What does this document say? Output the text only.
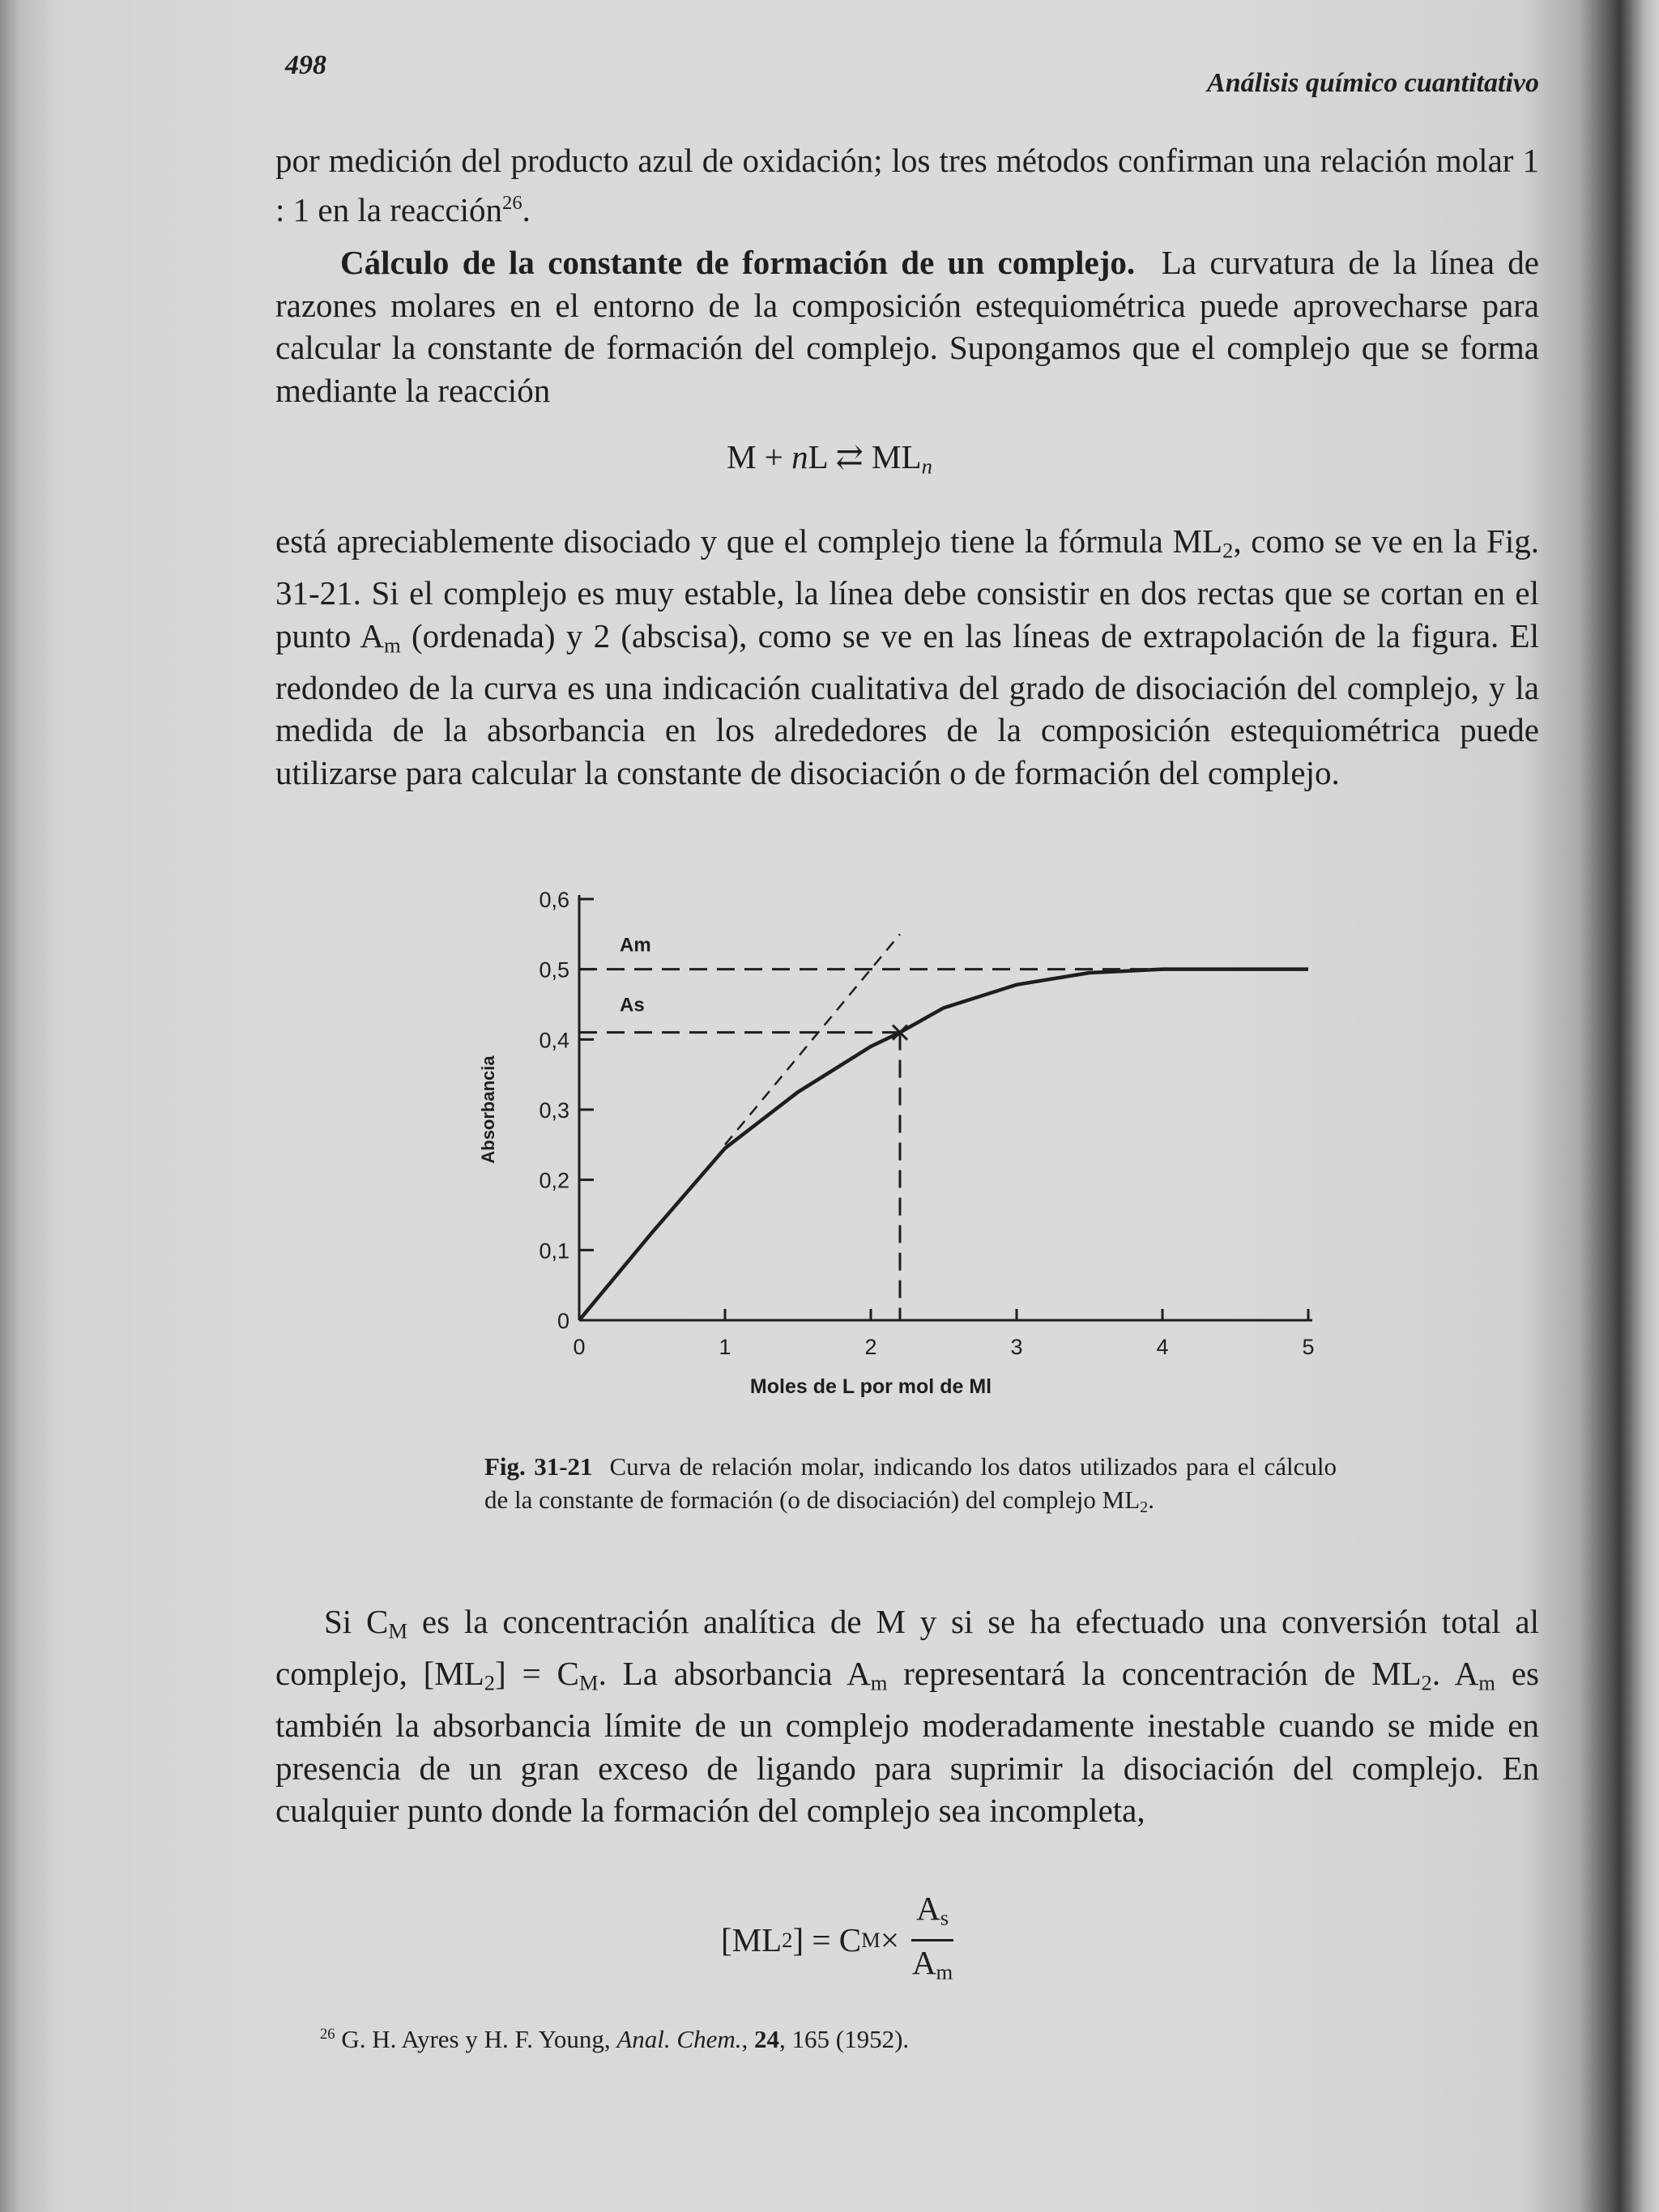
498
Análisis químico cuantitativo
por medición del producto azul de oxidación; los tres métodos confirman una relación molar 1 : 1 en la reacción$^{26}$.
Cálculo de la constante de formación de un complejo. La curvatura de la línea de razones molares en el entorno de la composición estequiométrica puede aprovecharse para calcular la constante de formación del complejo. Supongamos que el complejo que se forma mediante la reacción
M + nL ⇄ $ML_n$
está apreciablemente disociado y que el complejo tiene la fórmula $ML_2$, como se ve en la Fig. 31-21. Si el complejo es muy estable, la línea debe consistir en dos rectas que se cortan en el punto $A_m$ (ordenada) y 2 (abscisa), como se ve en las líneas de extrapolación de la figura. El redondeo de la curva es una indicación cualitativa del grado de disociación del complejo, y la medida de la absorbancia en los alrededores de la composición estequiométrica puede utilizarse para calcular la constante de disociación o de formación del complejo.
0
0,1
0,2
0,3
0,4
0,5
0,6
0	1	2	3	4	5
Moles de L por mol de Ml
Absorbancia
Am
As
Fig. 31-21 Curva de relación molar, indicando los datos utilizados para el cálculo de la constante de formación (o de disociación) del complejo $ML_2$.
Si $C_M$ es la concentración analítica de M y si se ha efectuado una conversión total al complejo, $[ML_2] = C_M$. La absorbancia $A_m$ representará la concentración de $ML_2$. $A_m$ es también la absorbancia límite de un complejo moderadamente inestable cuando se mide en presencia de un gran exceso de ligando para suprimir la disociación del complejo. En cualquier punto donde la formación del complejo sea incompleta,
[ML 2 ] = C $M \times \frac{A_s}{A_m}$
$^{26}$ G. H. Ayres y H. F. Young, Anal. Chem., 24, 165 (1952).
